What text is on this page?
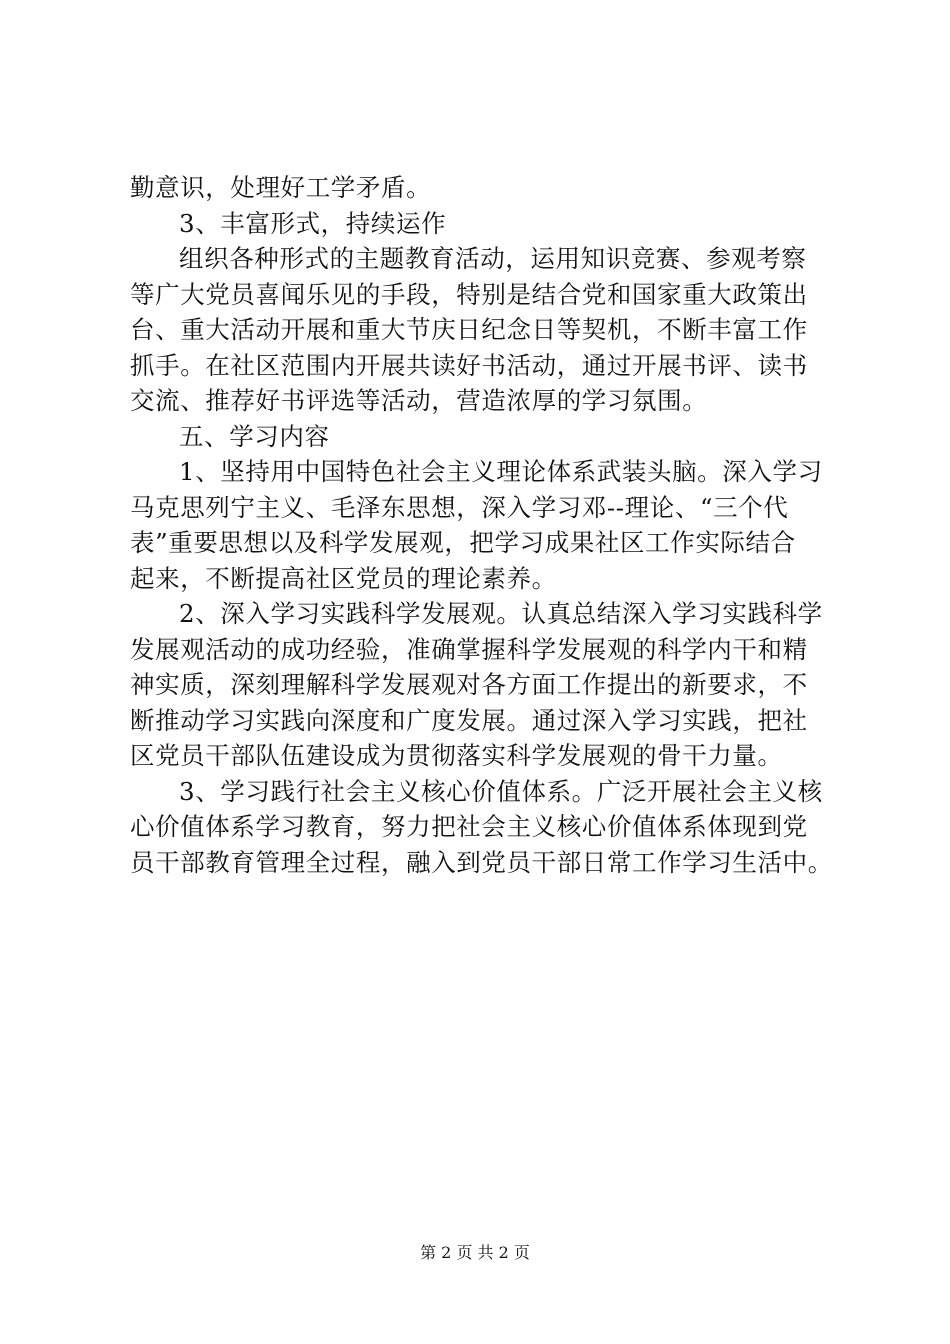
勤意识，处理好工学矛盾。
3、丰富形式，持续运作
组织各种形式的主题教育活动，运用知识竞赛、参观考察
等广大党员喜闻乐见的手段，特别是结合党和国家重大政策出
台、重大活动开展和重大节庆日纪念日等契机，不断丰富工作
抓手。在社区范围内开展共读好书活动，通过开展书评、读书
交流、推荐好书评选等活动，营造浓厚的学习氛围。
五、学习内容
1、坚持用中国特色社会主义理论体系武装头脑。深入学习
马克思列宁主义、毛泽东思想，深入学习邓--理论、“三个代
表”重要思想以及科学发展观，把学习成果社区工作实际结合
起来，不断提高社区党员的理论素养。
2、深入学习实践科学发展观。认真总结深入学习实践科学
发展观活动的成功经验，准确掌握科学发展观的科学内干和精
神实质，深刻理解科学发展观对各方面工作提出的新要求，不
断推动学习实践向深度和广度发展。通过深入学习实践，把社
区党员干部队伍建设成为贯彻落实科学发展观的骨干力量。
3、学习践行社会主义核心价值体系。广泛开展社会主义核
心价值体系学习教育，努力把社会主义核心价值体系体现到党
员干部教育管理全过程，融入到党员干部日常工作学习生活中。
第 2 页 共 2 页
